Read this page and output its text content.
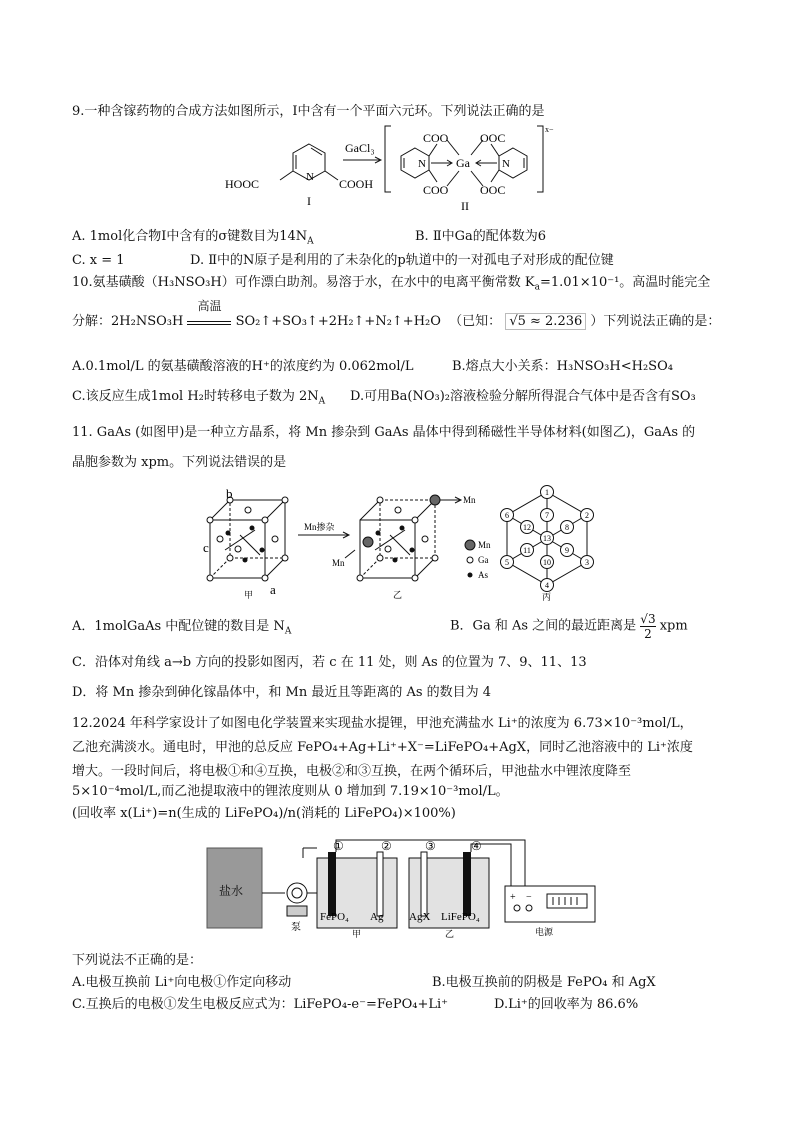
9.一种含镓药物的合成方法如图所示，Ⅰ中含有一个平面六元环。下列说法正确的是
HOOC	COOH
N
I
GaCl₃
COO	OOC
COO	OOC
Ga
N	N
x−
II
A. 1mol化合物Ⅰ中含有的σ键数目为$14N_A$	B. Ⅱ中Ga的配体数为6
C. x = 1	D. Ⅱ中的N原子是利用的了未杂化的p轨道中的一对孤电子对形成的配位键
10.氨基磺酸（H₃NSO₃H）可作漂白助剂。易溶于水，在水中的电离平衡常数 $K_a=1.01\times 10^{-1}$。高温时能完全
分解：2H₂NSO₃H
高温
SO₂↑+SO₃↑+2H₂↑+N₂↑+H₂O （已知： √5 ≈ 2.236 ）下列说法正确的是：
A.0.1mol/L 的氨基磺酸溶液的H⁺的浓度约为 0.062mol/L	B.熔点大小关系：H₃NSO₃H<H₂SO₄
C.该反应生成1mol H₂时转移电子数为 $2N_A$ D.可用Ba(NO₃)₂溶液检验分解所得混合气体中是否含有SO₃
11. GaAs (如图甲)是一种立方晶系，将 Mn 掺杂到 GaAs 晶体中得到稀磁性半导体材料(如图乙)，GaAs 的
晶胞参数为 xpm。下列说法错误的是
b
c
a
甲
Mn掺杂
Mn
Mn
乙
Mn
Ga
As
丙
1
2
3
4
5
6	7
8
9
10
11
12
13
A．1molGaAs 中配位键的数目是 $N_A$	B．Ga 和 As 之间的最近距离是 $\frac{√3}{2}$ xpm
C．沿体对角线 a→b 方向的投影如图丙，若 c 在 11 处，则 As 的位置为 7、9、11、13
D．将 Mn 掺杂到砷化镓晶体中，和 Mn 最近且等距离的 As 的数目为 4
12.2024 年科学家设计了如图电化学装置来实现盐水提锂，甲池充满盐水 Li⁺的浓度为 6.73×10⁻³mol/L，
乙池充满淡水。通电时，甲池的总反应 FePO₄+Ag+Li⁺+X⁻=LiFePO₄+AgX，同时乙池溶液中的 Li⁺浓度
增大。一段时间后，将电极①和④互换，电极②和③互换，在两个循环后，甲池盐水中锂浓度降至
5×10⁻⁴mol/L,而乙池提取液中的锂浓度则从 0 增加到 7.19×10⁻³mol/L。
(回收率 x(Li⁺)=n(生成的 LiFePO₄)/n(消耗的 LiFePO₄)×100%)
盐水
泵
FePO₄ Ag
甲
AgX LiFePO₄
乙
①	②	③	④
+ −
电源
下列说法不正确的是：
A.电极互换前 Li⁺向电极①作定向移动	B.电极互换前的阴极是 FePO₄ 和 AgX
C.互换后的电极①发生电极反应式为：LiFePO₄-e⁻=FePO₄+Li⁺	D.Li⁺的回收率为 86.6%
